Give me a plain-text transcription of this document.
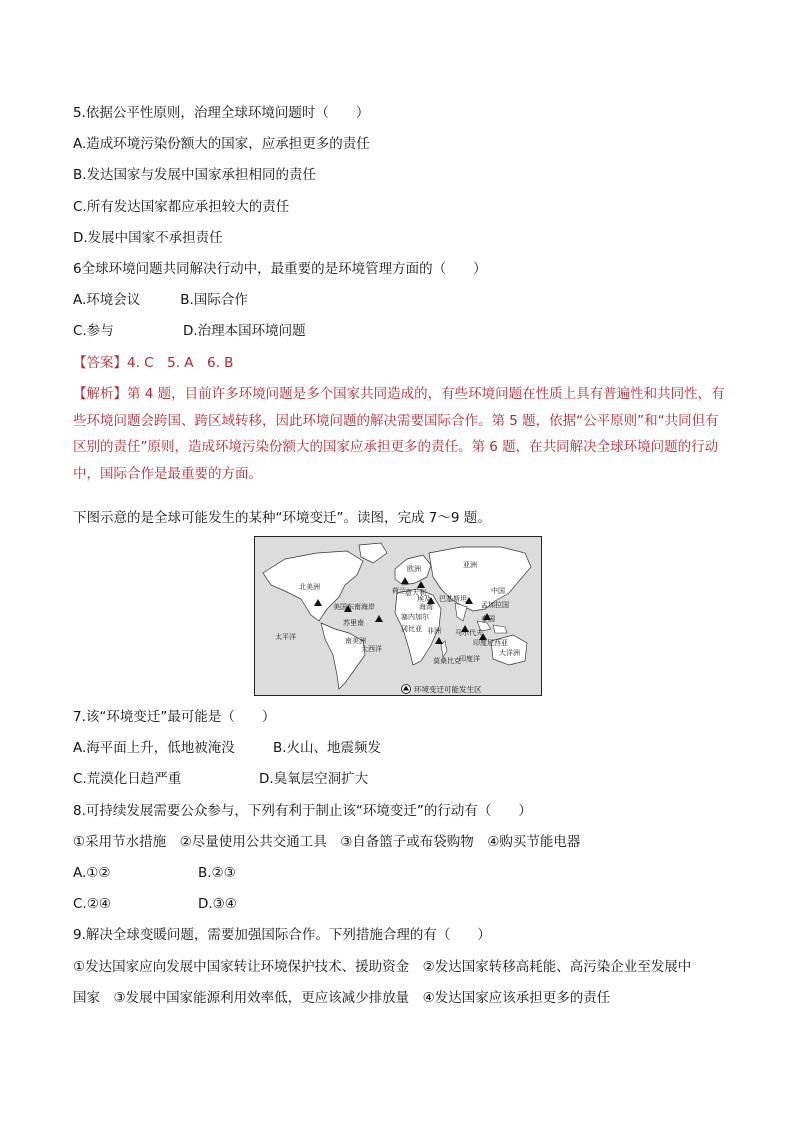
5.依据公平性原则，治理全球环境问题时（　　）
A.造成环境污染份额大的国家，应承担更多的责任
B.发达国家与发展中国家承担相同的责任
C.所有发达国家都应承担较大的责任
D.发展中国家不承担责任
6全球环境问题共同解决行动中，最重要的是环境管理方面的（　　）
A.环境会议	B.国际合作
C.参与	D.治理本国环境问题
【答案】4. C　5. A　6. B
【解析】第 4 题，目前许多环境问题是多个国家共同造成的，有些环境问题在性质上具有普遍性和共同性，有些环境问题会跨国、跨区域转移，因此环境问题的解决需要国际合作。第 5 题，依据“公平原则”和“共同但有区别的责任”原则，造成环境污染份额大的国家应承担更多的责任。第 6 题，在共同解决全球环境问题的行动中，国际合作是最重要的方面。
下图示意的是全球可能发生的某种“环境变迁”。读图，完成 7～9 题。
北美洲
欧洲	亚洲
荷兰 意大利
美国东南海岸	海湾	孟加拉国
埃及 巴基斯坦
苏里南
塞内加尔
非洲
太平洋
冈比亚	马尔代夫
印度尼西亚
南美洲
大西洋
莫桑比克
印度洋
大洋洲
中国
泰国
环境变迁可能发生区
7.该“环境变迁”最可能是（　　）
A.海平面上升，低地被淹没	B.火山、地震频发
C.荒漠化日趋严重	D.臭氧层空洞扩大
8.可持续发展需要公众参与，下列有利于制止该“环境变迁”的行动有（　　）
①采用节水措施　②尽量使用公共交通工具　③自备篮子或布袋购物　④购买节能电器
A.①②	B.②③
C.②④	D.③④
9.解决全球变暖问题，需要加强国际合作。下列措施合理的有（　　）
①发达国家应向发展中国家转让环境保护技术、援助资金　②发达国家转移高耗能、高污染企业至发展中
国家　③发展中国家能源利用效率低，更应该减少排放量　④发达国家应该承担更多的责任
